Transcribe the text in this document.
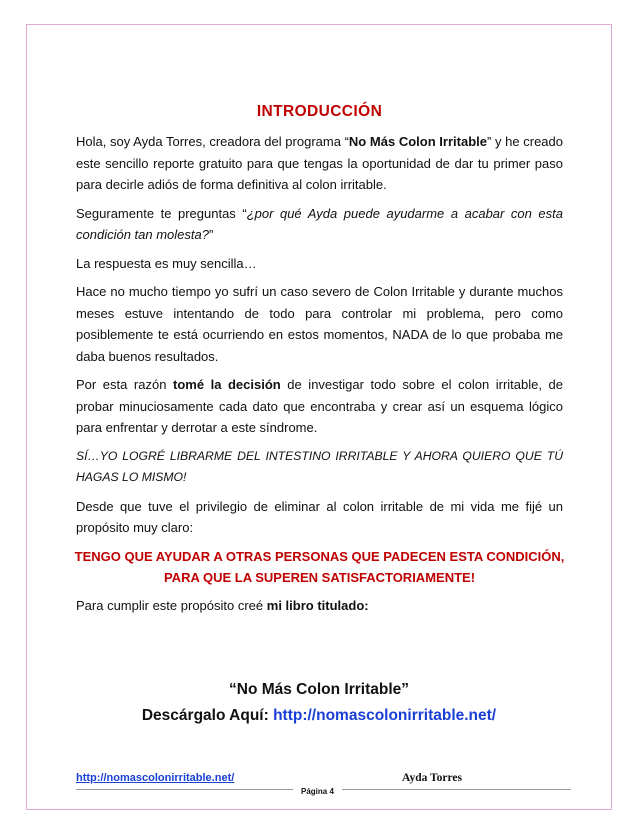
INTRODUCCIÓN

Hola, soy Ayda Torres, creadora del programa “No Más Colon Irritable” y he creado este sencillo reporte gratuito para que tengas la oportunidad de dar tu primer paso para decirle adiós de forma definitiva al colon irritable.

Seguramente te preguntas “¿por qué Ayda puede ayudarme a acabar con esta condición tan molesta?”

La respuesta es muy sencilla…

Hace no mucho tiempo yo sufrí un caso severo de Colon Irritable y durante muchos meses estuve intentando de todo para controlar mi problema, pero como posiblemente te está ocurriendo en estos momentos, NADA de lo que probaba me daba buenos resultados.

Por esta razón tomé la decisión de investigar todo sobre el colon irritable, de probar minuciosamente cada dato que encontraba y crear así un esquema lógico para enfrentar y derrotar a este síndrome.

SÍ…YO LOGRÉ LIBRARME DEL INTESTINO IRRITABLE Y AHORA QUIERO QUE TÚ HAGAS LO MISMO!

Desde que tuve el privilegio de eliminar al colon irritable de mi vida me fijé un propósito muy claro:

TENGO QUE AYUDAR A OTRAS PERSONAS QUE PADECEN ESTA CONDICIÓN,
PARA QUE LA SUPEREN SATISFACTORIAMENTE!

Para cumplir este propósito creé mi libro titulado:

“No Más Colon Irritable”

Descárgalo Aquí: http://nomascolonirritable.net/
http://nomascolonirritable.net/	Ayda Torres
Página 4
